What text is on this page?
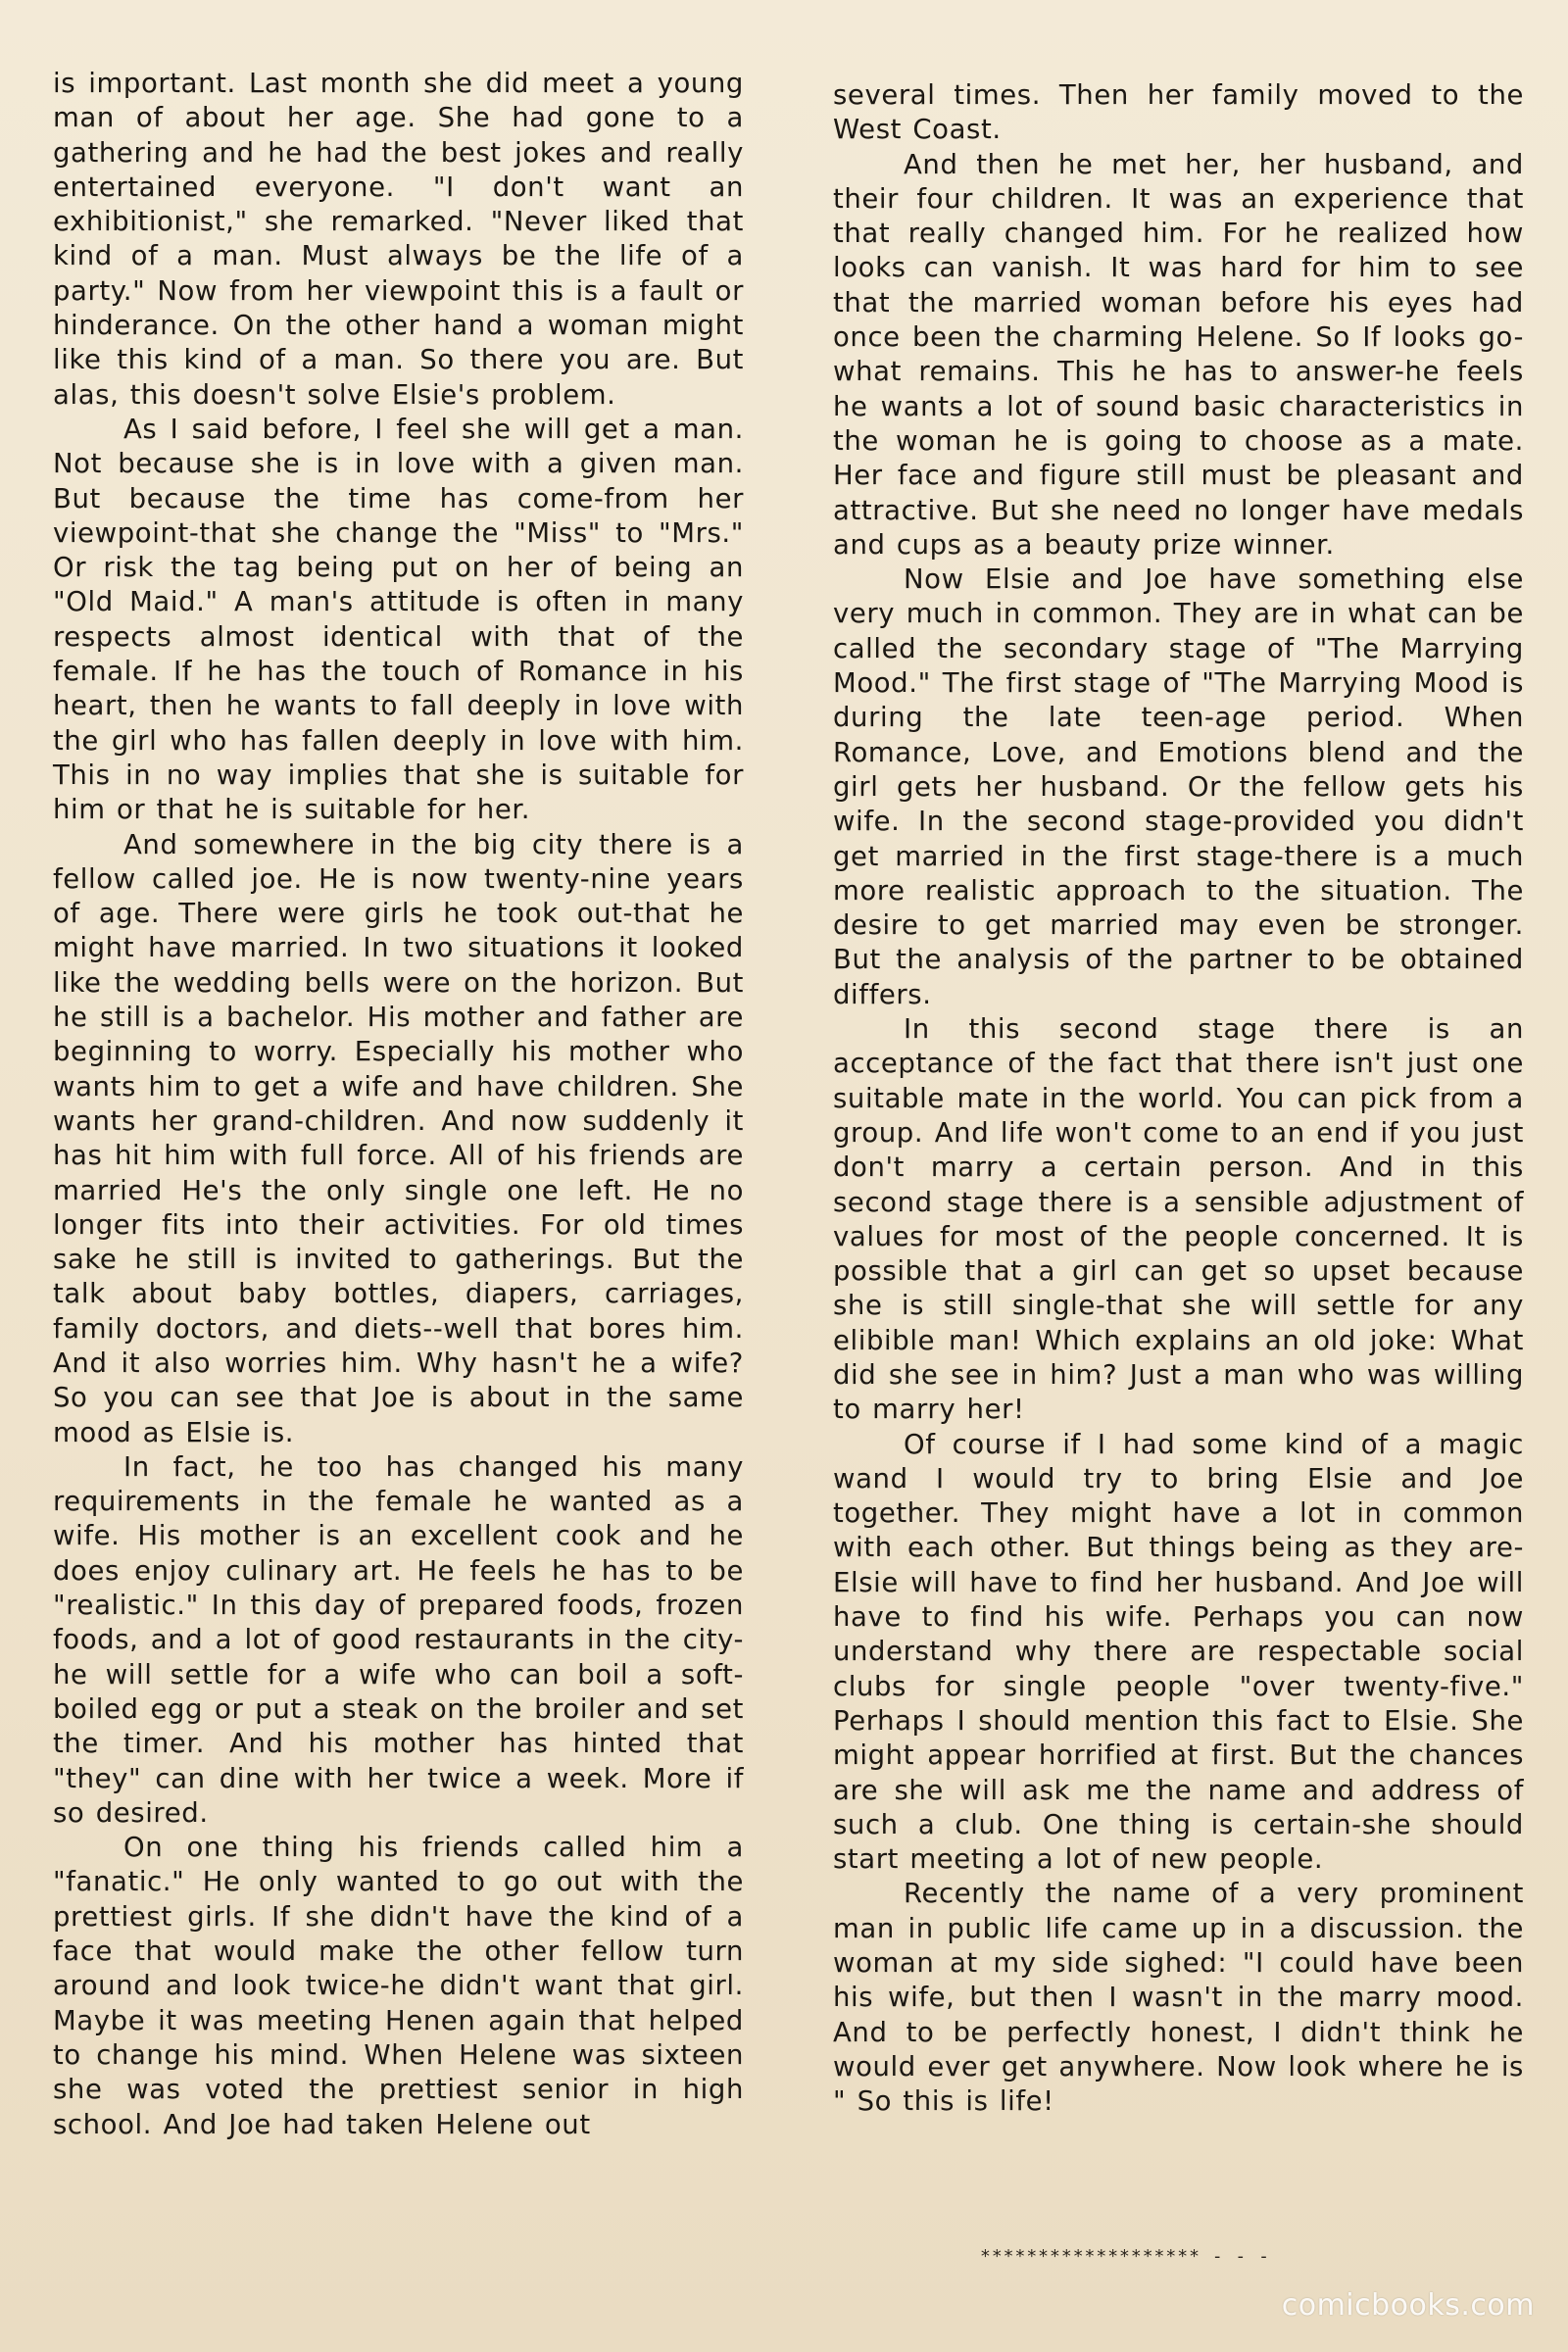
is important. Last month she did meet a young man of about her age. She had gone to a gathering and he had the best jokes and really entertained everyone. "I don't want an exhibitionist," she remarked. "Never liked that kind of a man. Must always be the life of a party." Now from her viewpoint this is a fault or hinderance. On the other hand a woman might like this kind of a man. So there you are. But alas, this doesn't solve Elsie's problem.

As I said before, I feel she will get a man. Not because she is in love with a given man. But because the time has come-from her viewpoint-that she change the "Miss" to "Mrs." Or risk the tag being put on her of being an "Old Maid." A man's attitude is often in many respects almost identical with that of the female. If he has the touch of Romance in his heart, then he wants to fall deeply in love with the girl who has fallen deeply in love with him. This in no way implies that she is suitable for him or that he is suitable for her.

And somewhere in the big city there is a fellow called joe. He is now twenty-nine years of age. There were girls he took out-that he might have married. In two situations it looked like the wedding bells were on the horizon. But he still is a bachelor. His mother and father are beginning to worry. Especially his mother who wants him to get a wife and have children. She wants her grand-children. And now suddenly it has hit him with full force. All of his friends are married He's the only single one left. He no longer fits into their activities. For old times sake he still is invited to gatherings. But the talk about baby bottles, diapers, carriages, family doctors, and diets--well that bores him. And it also worries him. Why hasn't he a wife? So you can see that Joe is about in the same mood as Elsie is.

In fact, he too has changed his many requirements in the female he wanted as a wife. His mother is an excellent cook and he does enjoy culinary art. He feels he has to be "realistic." In this day of prepared foods, frozen foods, and a lot of good restaurants in the city-he will settle for a wife who can boil a soft-boiled egg or put a steak on the broiler and set the timer. And his mother has hinted that "they" can dine with her twice a week. More if so desired.

On one thing his friends called him a "fanatic." He only wanted to go out with the prettiest girls. If she didn't have the kind of a face that would make the other fellow turn around and look twice-he didn't want that girl. Maybe it was meeting Henen again that helped to change his mind. When Helene was sixteen she was voted the prettiest senior in high school. And Joe had taken Helene out

several times. Then her family moved to the West Coast.

And then he met her, her husband, and their four children. It was an experience that that really changed him. For he realized how looks can vanish. It was hard for him to see that the married woman before his eyes had once been the charming Helene. So If looks go-what remains. This he has to answer-he feels he wants a lot of sound basic characteristics in the woman he is going to choose as a mate. Her face and figure still must be pleasant and attractive. But she need no longer have medals and cups as a beauty prize winner.

Now Elsie and Joe have something else very much in common. They are in what can be called the secondary stage of "The Marrying Mood." The first stage of "The Marrying Mood is during the late teen-age period. When Romance, Love, and Emotions blend and the girl gets her husband. Or the fellow gets his wife. In the second stage-provided you didn't get married in the first stage-there is a much more realistic approach to the situation. The desire to get married may even be stronger. But the analysis of the partner to be obtained differs.

In this second stage there is an acceptance of the fact that there isn't just one suitable mate in the world. You can pick from a group. And life won't come to an end if you just don't marry a certain person. And in this second stage there is a sensible adjustment of values for most of the people concerned. It is possible that a girl can get so upset because she is still single-that she will settle for any elibible man! Which explains an old joke: What did she see in him? Just a man who was willing to marry her!

Of course if I had some kind of a magic wand I would try to bring Elsie and Joe together. They might have a lot in common with each other. But things being as they are-Elsie will have to find her husband. And Joe will have to find his wife. Perhaps you can now understand why there are respectable social clubs for single people "over twenty-five." Perhaps I should mention this fact to Elsie. She might appear horrified at first. But the chances are she will ask me the name and address of such a club. One thing is certain-she should start meeting a lot of new people.

Recently the name of a very prominent man in public life came up in a discussion. the woman at my side sighed: "I could have been his wife, but then I wasn't in the marry mood. And to be perfectly honest, I didn't think he would ever get anywhere. Now look where he is " So this is life!

******************* - - -
comicbooks.com
